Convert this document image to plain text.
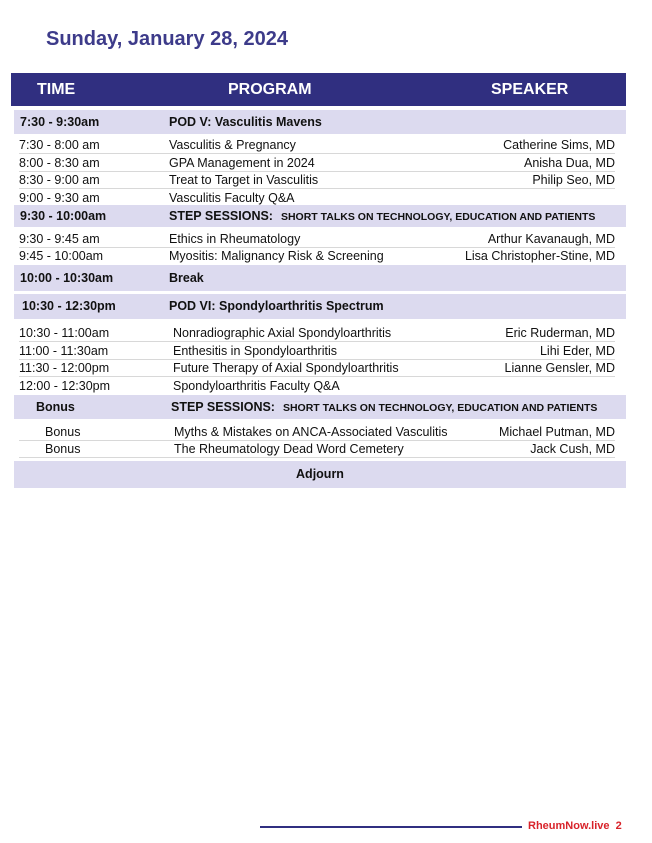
Sunday, January 28, 2024
TIME	PROGRAM	SPEAKER
7:30 - 9:30am	POD V: Vasculitis Mavens
7:30 - 8:00 am	Vasculitis & Pregnancy	Catherine Sims, MD
8:00 - 8:30 am	GPA Management in 2024	Anisha Dua, MD
8:30 - 9:00 am	Treat to Target in Vasculitis	Philip Seo, MD
9:00 - 9:30 am	Vasculitis Faculty Q&A
9:30 - 10:00am	STEP SESSIONS: SHORT TALKS ON TECHNOLOGY, EDUCATION AND PATIENTS
9:30 - 9:45 am	Ethics in Rheumatology	Arthur Kavanaugh, MD
9:45 - 10:00am	Myositis: Malignancy Risk & Screening	Lisa Christopher-Stine, MD
10:00 - 10:30am	Break
10:30 - 12:30pm	POD VI: Spondyloarthritis Spectrum
10:30 - 11:00am	Nonradiographic Axial Spondyloarthritis	Eric Ruderman, MD
11:00 - 11:30am	Enthesitis in Spondyloarthritis	Lihi Eder, MD
11:30 - 12:00pm	Future Therapy of Axial Spondyloarthritis	Lianne Gensler, MD
12:00 - 12:30pm	Spondyloarthritis Faculty Q&A
Bonus	STEP SESSIONS: SHORT TALKS ON TECHNOLOGY, EDUCATION AND PATIENTS
Bonus	Myths & Mistakes on ANCA-Associated Vasculitis	Michael Putman, MD
Bonus	The Rheumatology Dead Word Cemetery	Jack Cush, MD
Adjourn
RheumNow.live 2
